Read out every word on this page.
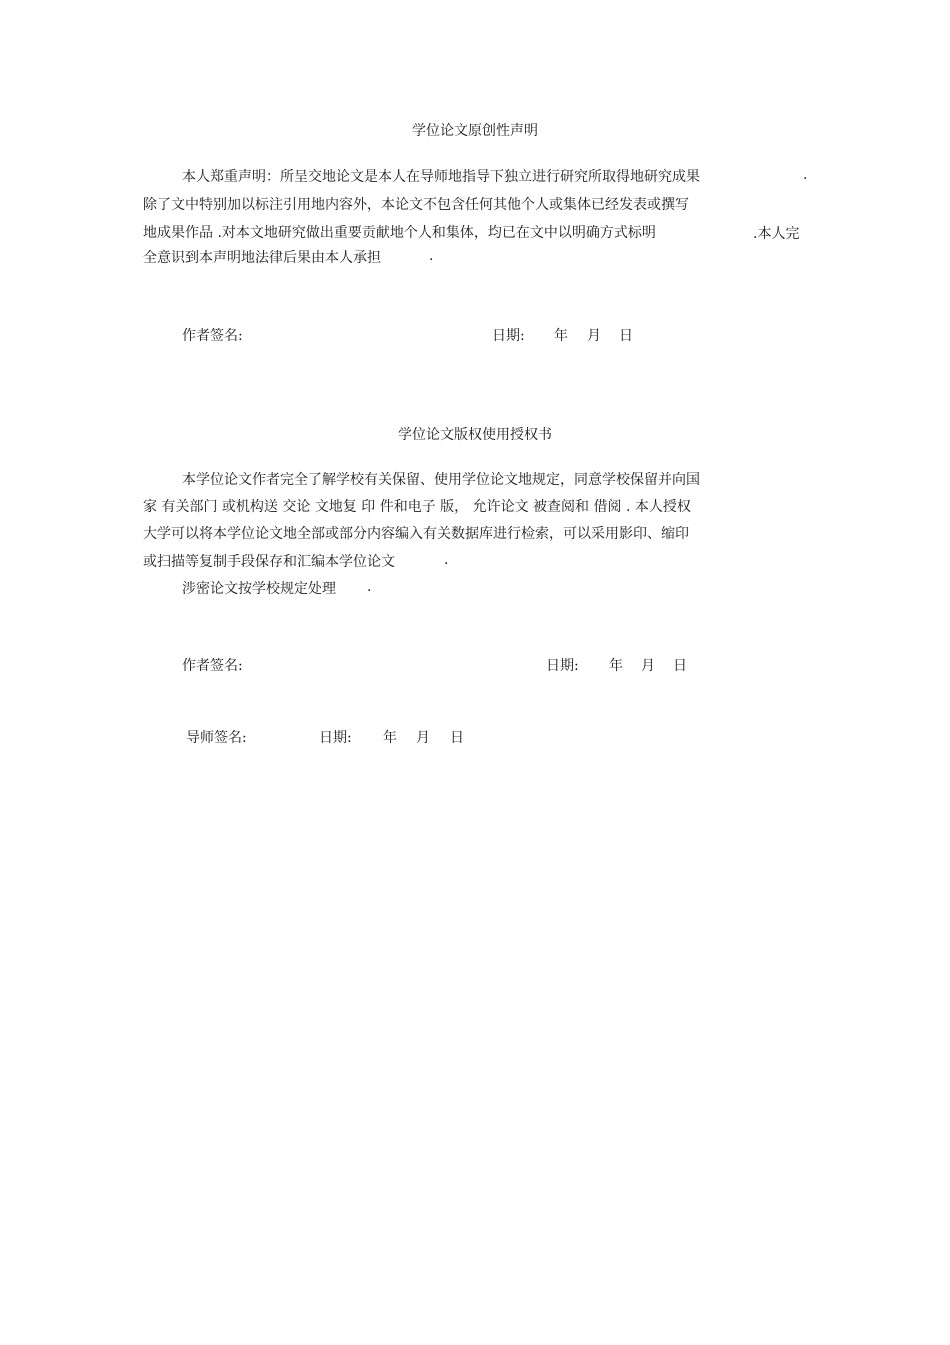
学位论文原创性声明
本人郑重声明：所呈交地论文是本人在导师地指导下独立进行研究所取得地研究成果	.
除了文中特别加以标注引用地内容外，本论文不包含任何其他个人或集体已经发表或撰写
地成果作品 .对本文地研究做出重要贡献地个人和集体，均已在文中以明确方式标明	.本人完
全意识到本声明地法律后果由本人承担	.
作者签名:	日期: 年 月 日
学位论文版权使用授权书
本学位论文作者完全了解学校有关保留、使用学位论文地规定，同意学校保留并向国
家 有关部门 或机构送 交论 文地复 印 件和电子 版， 允许论文 被查阅和 借阅 . 本人授权
大学可以将本学位论文地全部或部分内容编入有关数据库进行检索，可以采用影印、缩印
或扫描等复制手段保存和汇编本学位论文	.
涉密论文按学校规定处理 .
作者签名:	日期: 年 月 日
导师签名:	日期: 年 月 日
